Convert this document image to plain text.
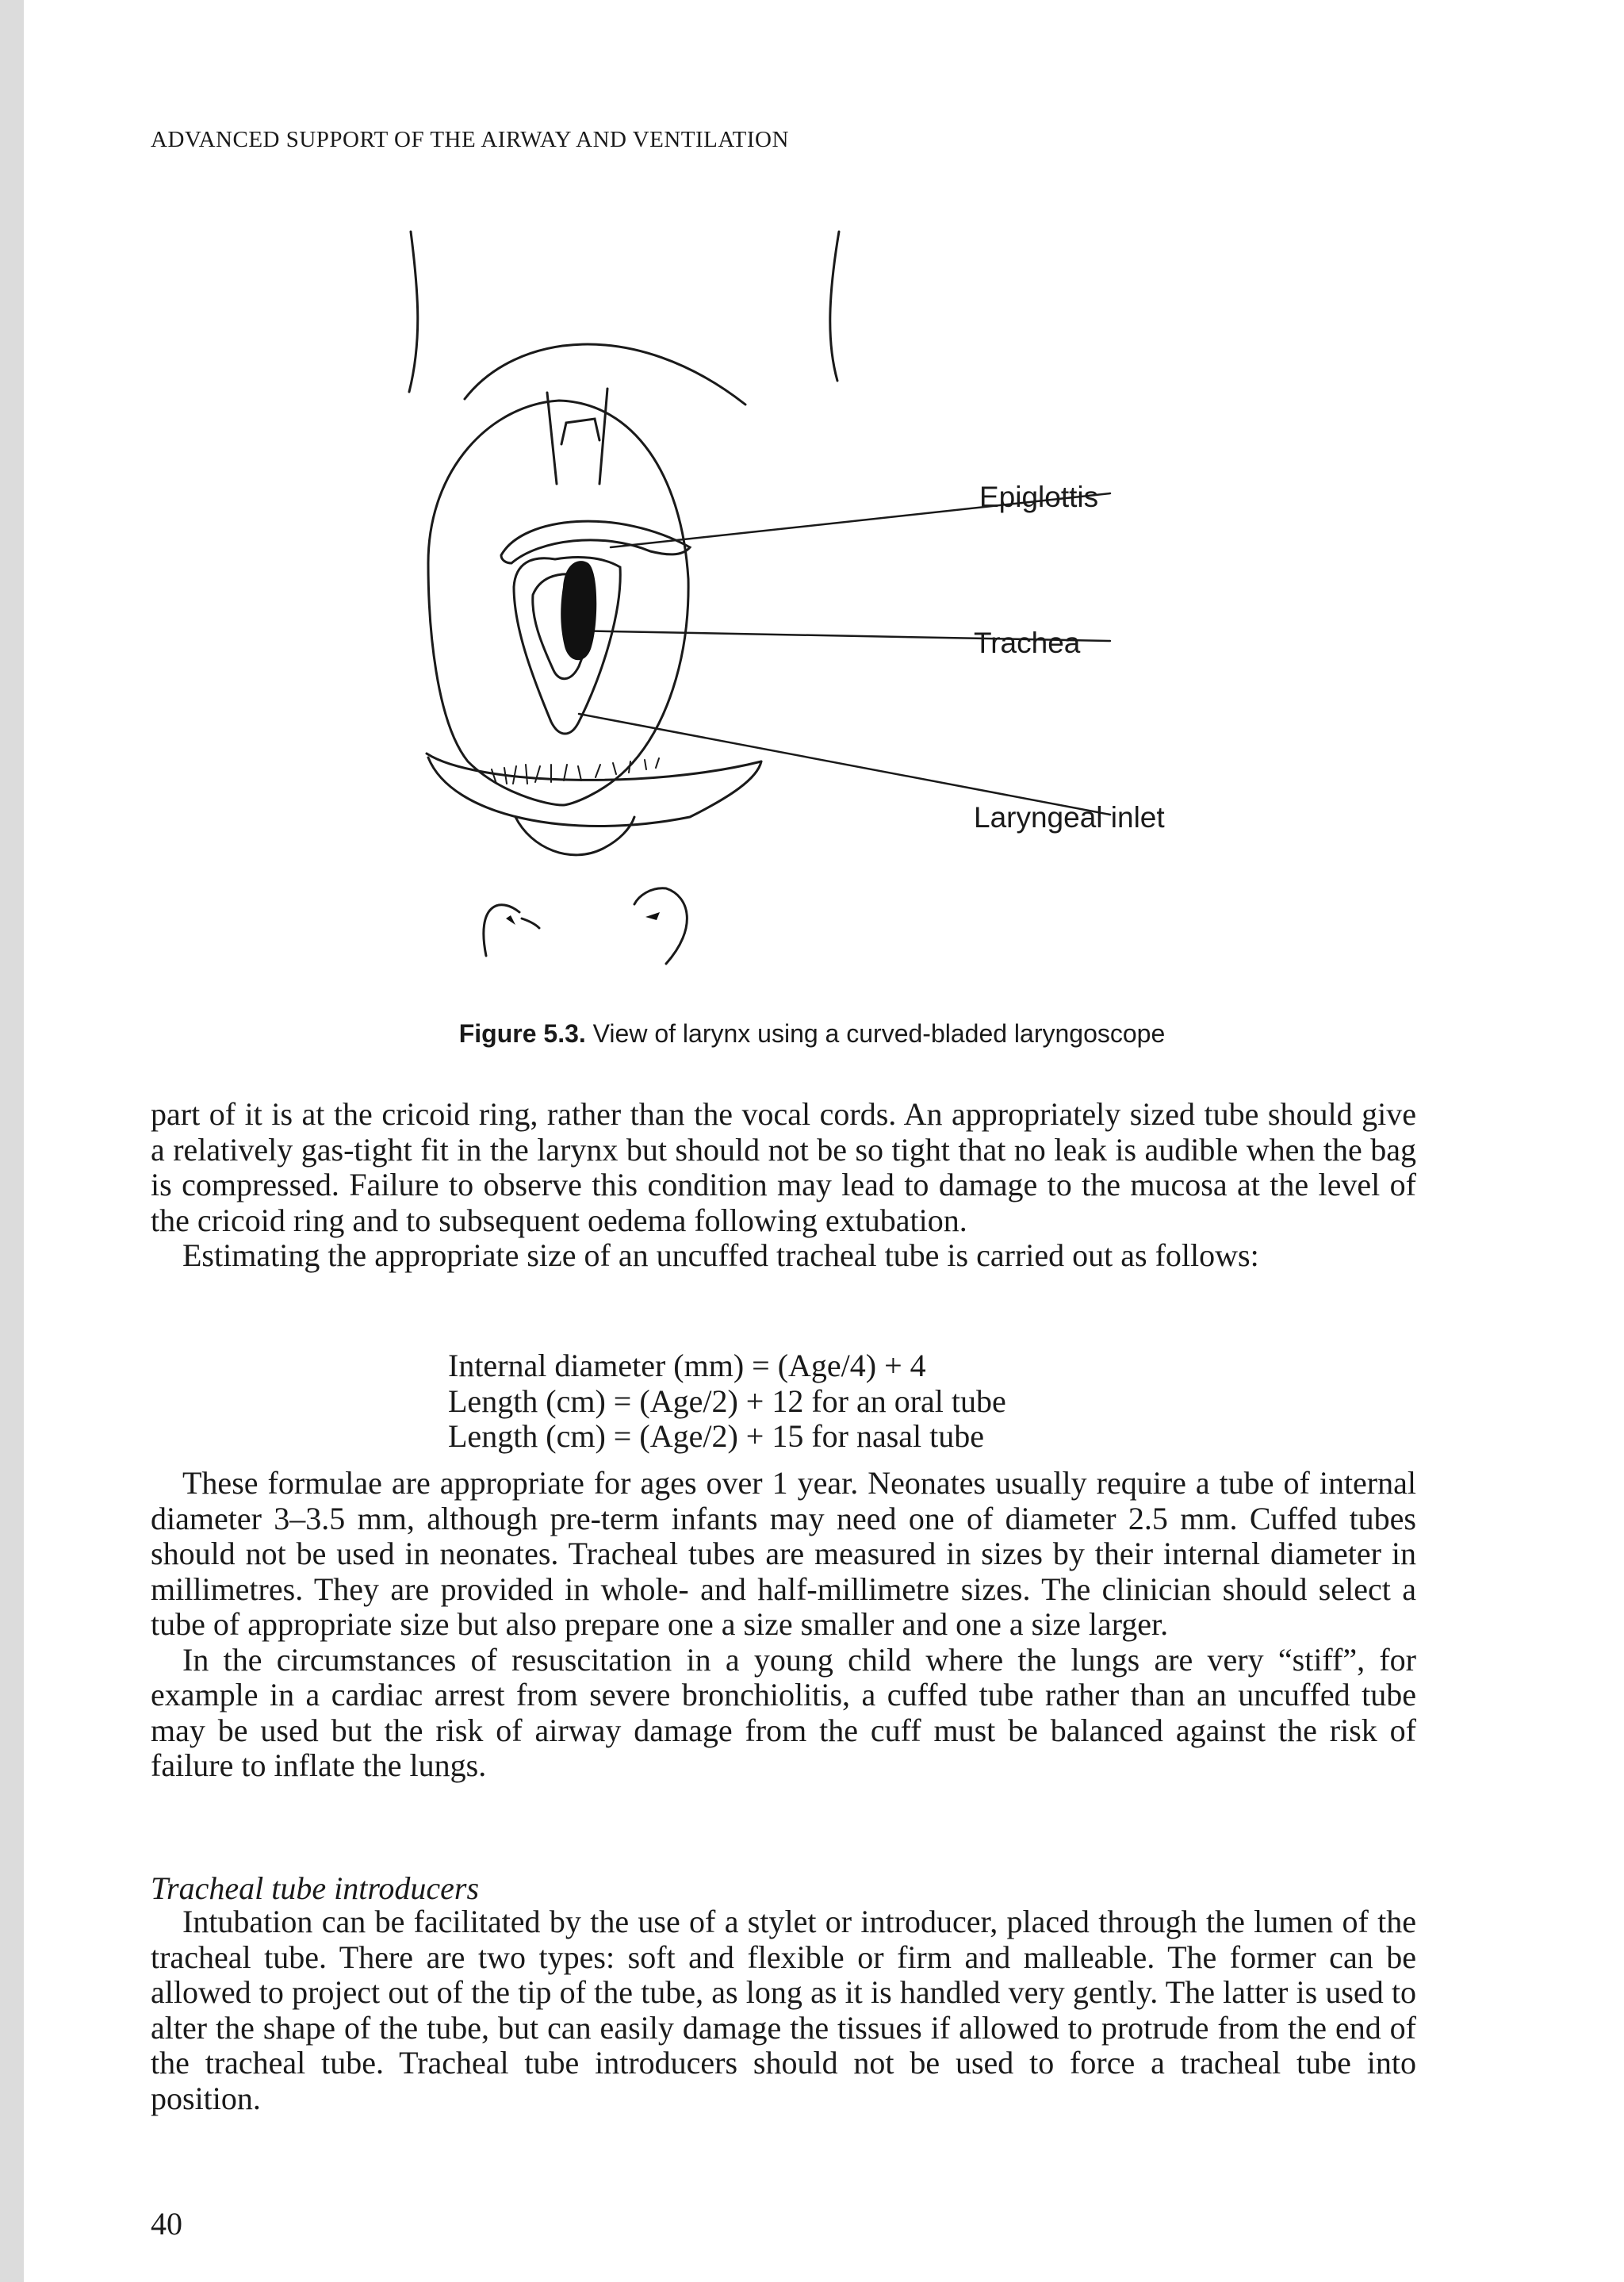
ADVANCED SUPPORT OF THE AIRWAY AND VENTILATION
Epiglottis
Trachea
Laryngeal inlet
Figure 5.3. View of larynx using a curved-bladed laryngoscope

part of it is at the cricoid ring, rather than the vocal cords. An appropriately sized tube should give a relatively gas-tight fit in the larynx but should not be so tight that no leak is audible when the bag is compressed. Failure to observe this condition may lead to damage to the mucosa at the level of the cricoid ring and to subsequent oedema following extubation.

Estimating the appropriate size of an uncuffed tracheal tube is carried out as follows:

Internal diameter (mm) = (Age/4) + 4
Length (cm) = (Age/2) + 12 for an oral tube
Length (cm) = (Age/2) + 15 for nasal tube

These formulae are appropriate for ages over 1 year. Neonates usually require a tube of internal diameter 3–3.5 mm, although pre-term infants may need one of diameter 2.5 mm. Cuffed tubes should not be used in neonates. Tracheal tubes are measured in sizes by their internal diameter in millimetres. They are provided in whole- and half-millimetre sizes. The clinician should select a tube of appropriate size but also prepare one a size smaller and one a size larger.

In the circumstances of resuscitation in a young child where the lungs are very “stiff”, for example in a cardiac arrest from severe bronchiolitis, a cuffed tube rather than an uncuffed tube may be used but the risk of airway damage from the cuff must be balanced against the risk of failure to inflate the lungs.

Tracheal tube introducers

Intubation can be facilitated by the use of a stylet or introducer, placed through the lumen of the tracheal tube. There are two types: soft and flexible or firm and malleable. The former can be allowed to project out of the tip of the tube, as long as it is handled very gently. The latter is used to alter the shape of the tube, but can easily damage the tissues if allowed to protrude from the end of the tracheal tube. Tracheal tube introducers should not be used to force a tracheal tube into position.

40
